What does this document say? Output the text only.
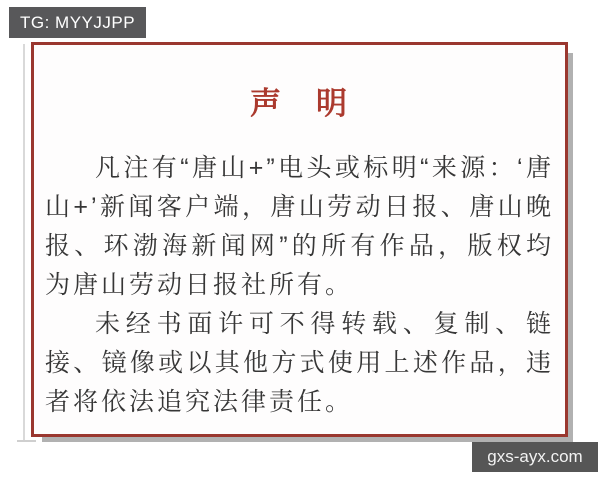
TG: MYYJJPP
声　明

凡注有“唐山+”电头或标明“来源：‘唐山+’新闻客户端，唐山劳动日报、唐山晚报、环渤海新闻网”的所有作品，版权均为唐山劳动日报社所有。

未经书面许可不得转载、复制、链接、镜像或以其他方式使用上述作品，违者将依法追究法律责任。

gxs-ayx.com
